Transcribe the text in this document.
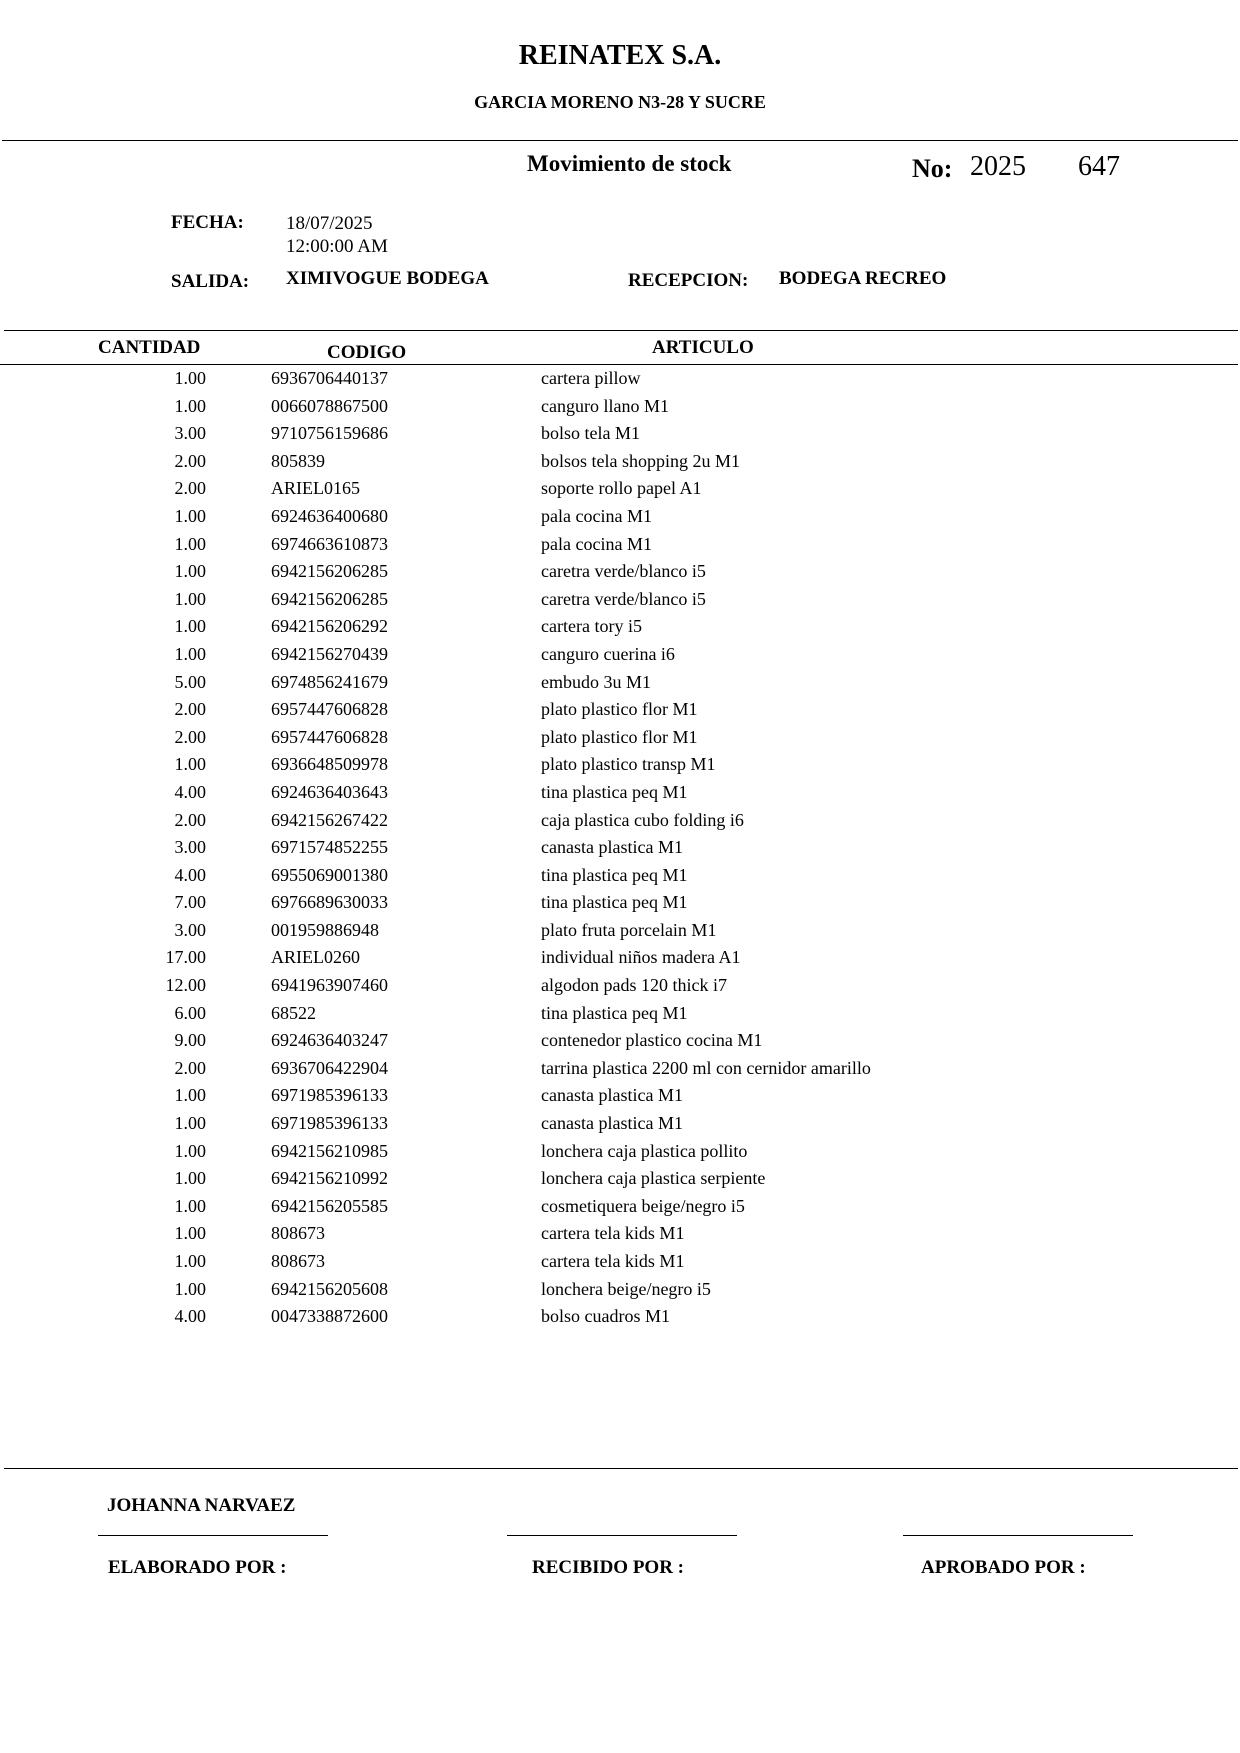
REINATEX S.A.
GARCIA MORENO N3-28 Y SUCRE
Movimiento de stock	No: 2025 647
FECHA: 18/07/2025
12:00:00 AM
SALIDA: XIMIVOGUE BODEGA	RECEPCION: BODEGA RECREO
CANTIDAD	CODIGO	ARTICULO
1.00	6936706440137	cartera pillow
1.00	0066078867500	canguro llano M1
3.00	9710756159686	bolso tela M1
2.00	805839	bolsos tela shopping 2u M1
2.00	ARIEL0165	soporte rollo papel A1
1.00	6924636400680	pala cocina M1
1.00	6974663610873	pala cocina M1
1.00	6942156206285	caretra verde/blanco i5
1.00	6942156206285	caretra verde/blanco i5
1.00	6942156206292	cartera tory i5
1.00	6942156270439	canguro cuerina i6
5.00	6974856241679	embudo 3u M1
2.00	6957447606828	plato plastico flor M1
2.00	6957447606828	plato plastico flor M1
1.00	6936648509978	plato plastico transp M1
4.00	6924636403643	tina plastica peq M1
2.00	6942156267422	caja plastica cubo folding i6
3.00	6971574852255	canasta plastica M1
4.00	6955069001380	tina plastica peq M1
7.00	6976689630033	tina plastica peq M1
3.00	001959886948	plato fruta porcelain M1
17.00	ARIEL0260	individual niños madera A1
12.00	6941963907460	algodon pads 120 thick i7
6.00	68522	tina plastica peq M1
9.00	6924636403247	contenedor plastico cocina M1
2.00	6936706422904	tarrina plastica 2200 ml con cernidor amarillo
1.00	6971985396133	canasta plastica M1
1.00	6971985396133	canasta plastica M1
1.00	6942156210985	lonchera caja plastica pollito
1.00	6942156210992	lonchera caja plastica serpiente
1.00	6942156205585	cosmetiquera beige/negro i5
1.00	808673	cartera tela kids M1
1.00	808673	cartera tela kids M1
1.00	6942156205608	lonchera beige/negro i5
4.00	0047338872600	bolso cuadros M1
JOHANNA NARVAEZ
ELABORADO POR :	RECIBIDO POR :	APROBADO POR :
